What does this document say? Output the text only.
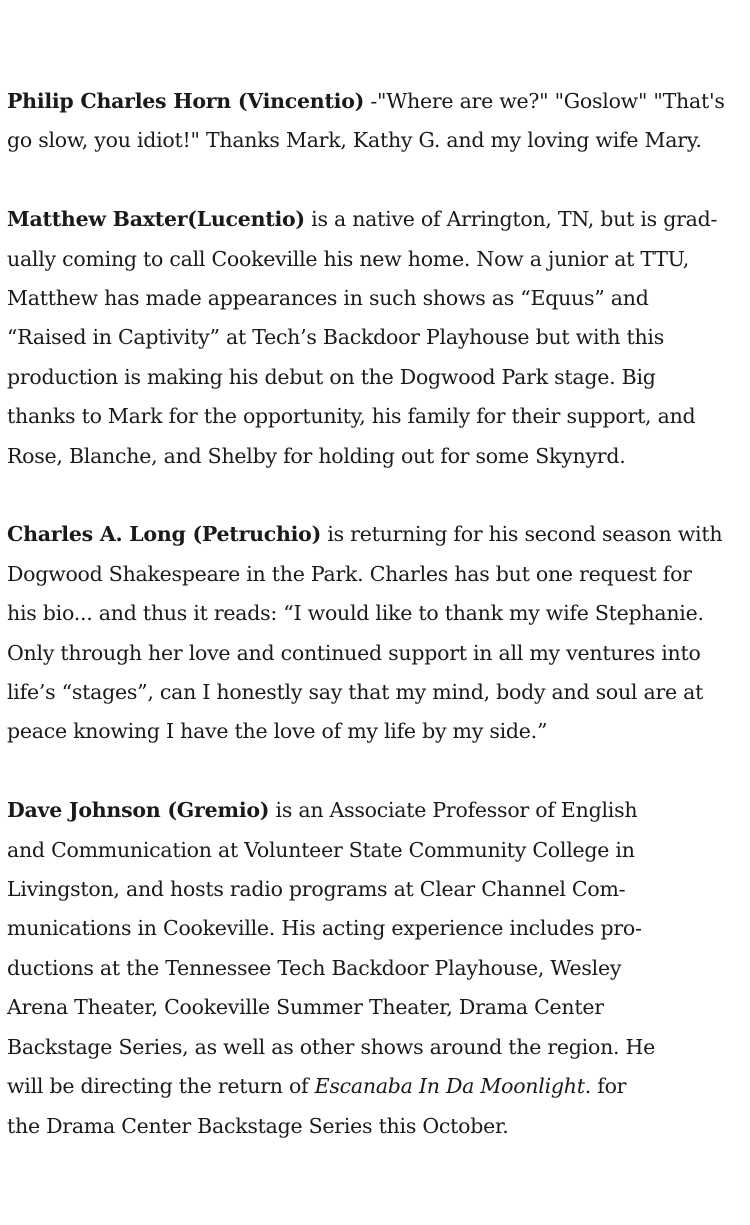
Philip Charles Horn (Vincentio) -"Where are we?" "Goslow" "That's
go slow, you idiot!" Thanks Mark, Kathy G. and my loving wife Mary.
Matthew Baxter(Lucentio) is a native of Arrington, TN, but is grad-
ually coming to call Cookeville his new home. Now a junior at TTU,
Matthew has made appearances in such shows as “Equus” and
“Raised in Captivity” at Tech’s Backdoor Playhouse but with this
production is making his debut on the Dogwood Park stage. Big
thanks to Mark for the opportunity, his family for their support, and
Rose, Blanche, and Shelby for holding out for some Skynyrd.
Charles A. Long (Petruchio) is returning for his second season with
Dogwood Shakespeare in the Park. Charles has but one request for
his bio... and thus it reads: “I would like to thank my wife Stephanie.
Only through her love and continued support in all my ventures into
life’s “stages”, can I honestly say that my mind, body and soul are at
peace knowing I have the love of my life by my side.”
Dave Johnson (Gremio) is an Associate Professor of English
and Communication at Volunteer State Community College in
Livingston, and hosts radio programs at Clear Channel Com-
munications in Cookeville. His acting experience includes pro-
ductions at the Tennessee Tech Backdoor Playhouse, Wesley
Arena Theater, Cookeville Summer Theater, Drama Center
Backstage Series, as well as other shows around the region. He
will be directing the return of Escanaba In Da Moonlight. for
the Drama Center Backstage Series this October.
